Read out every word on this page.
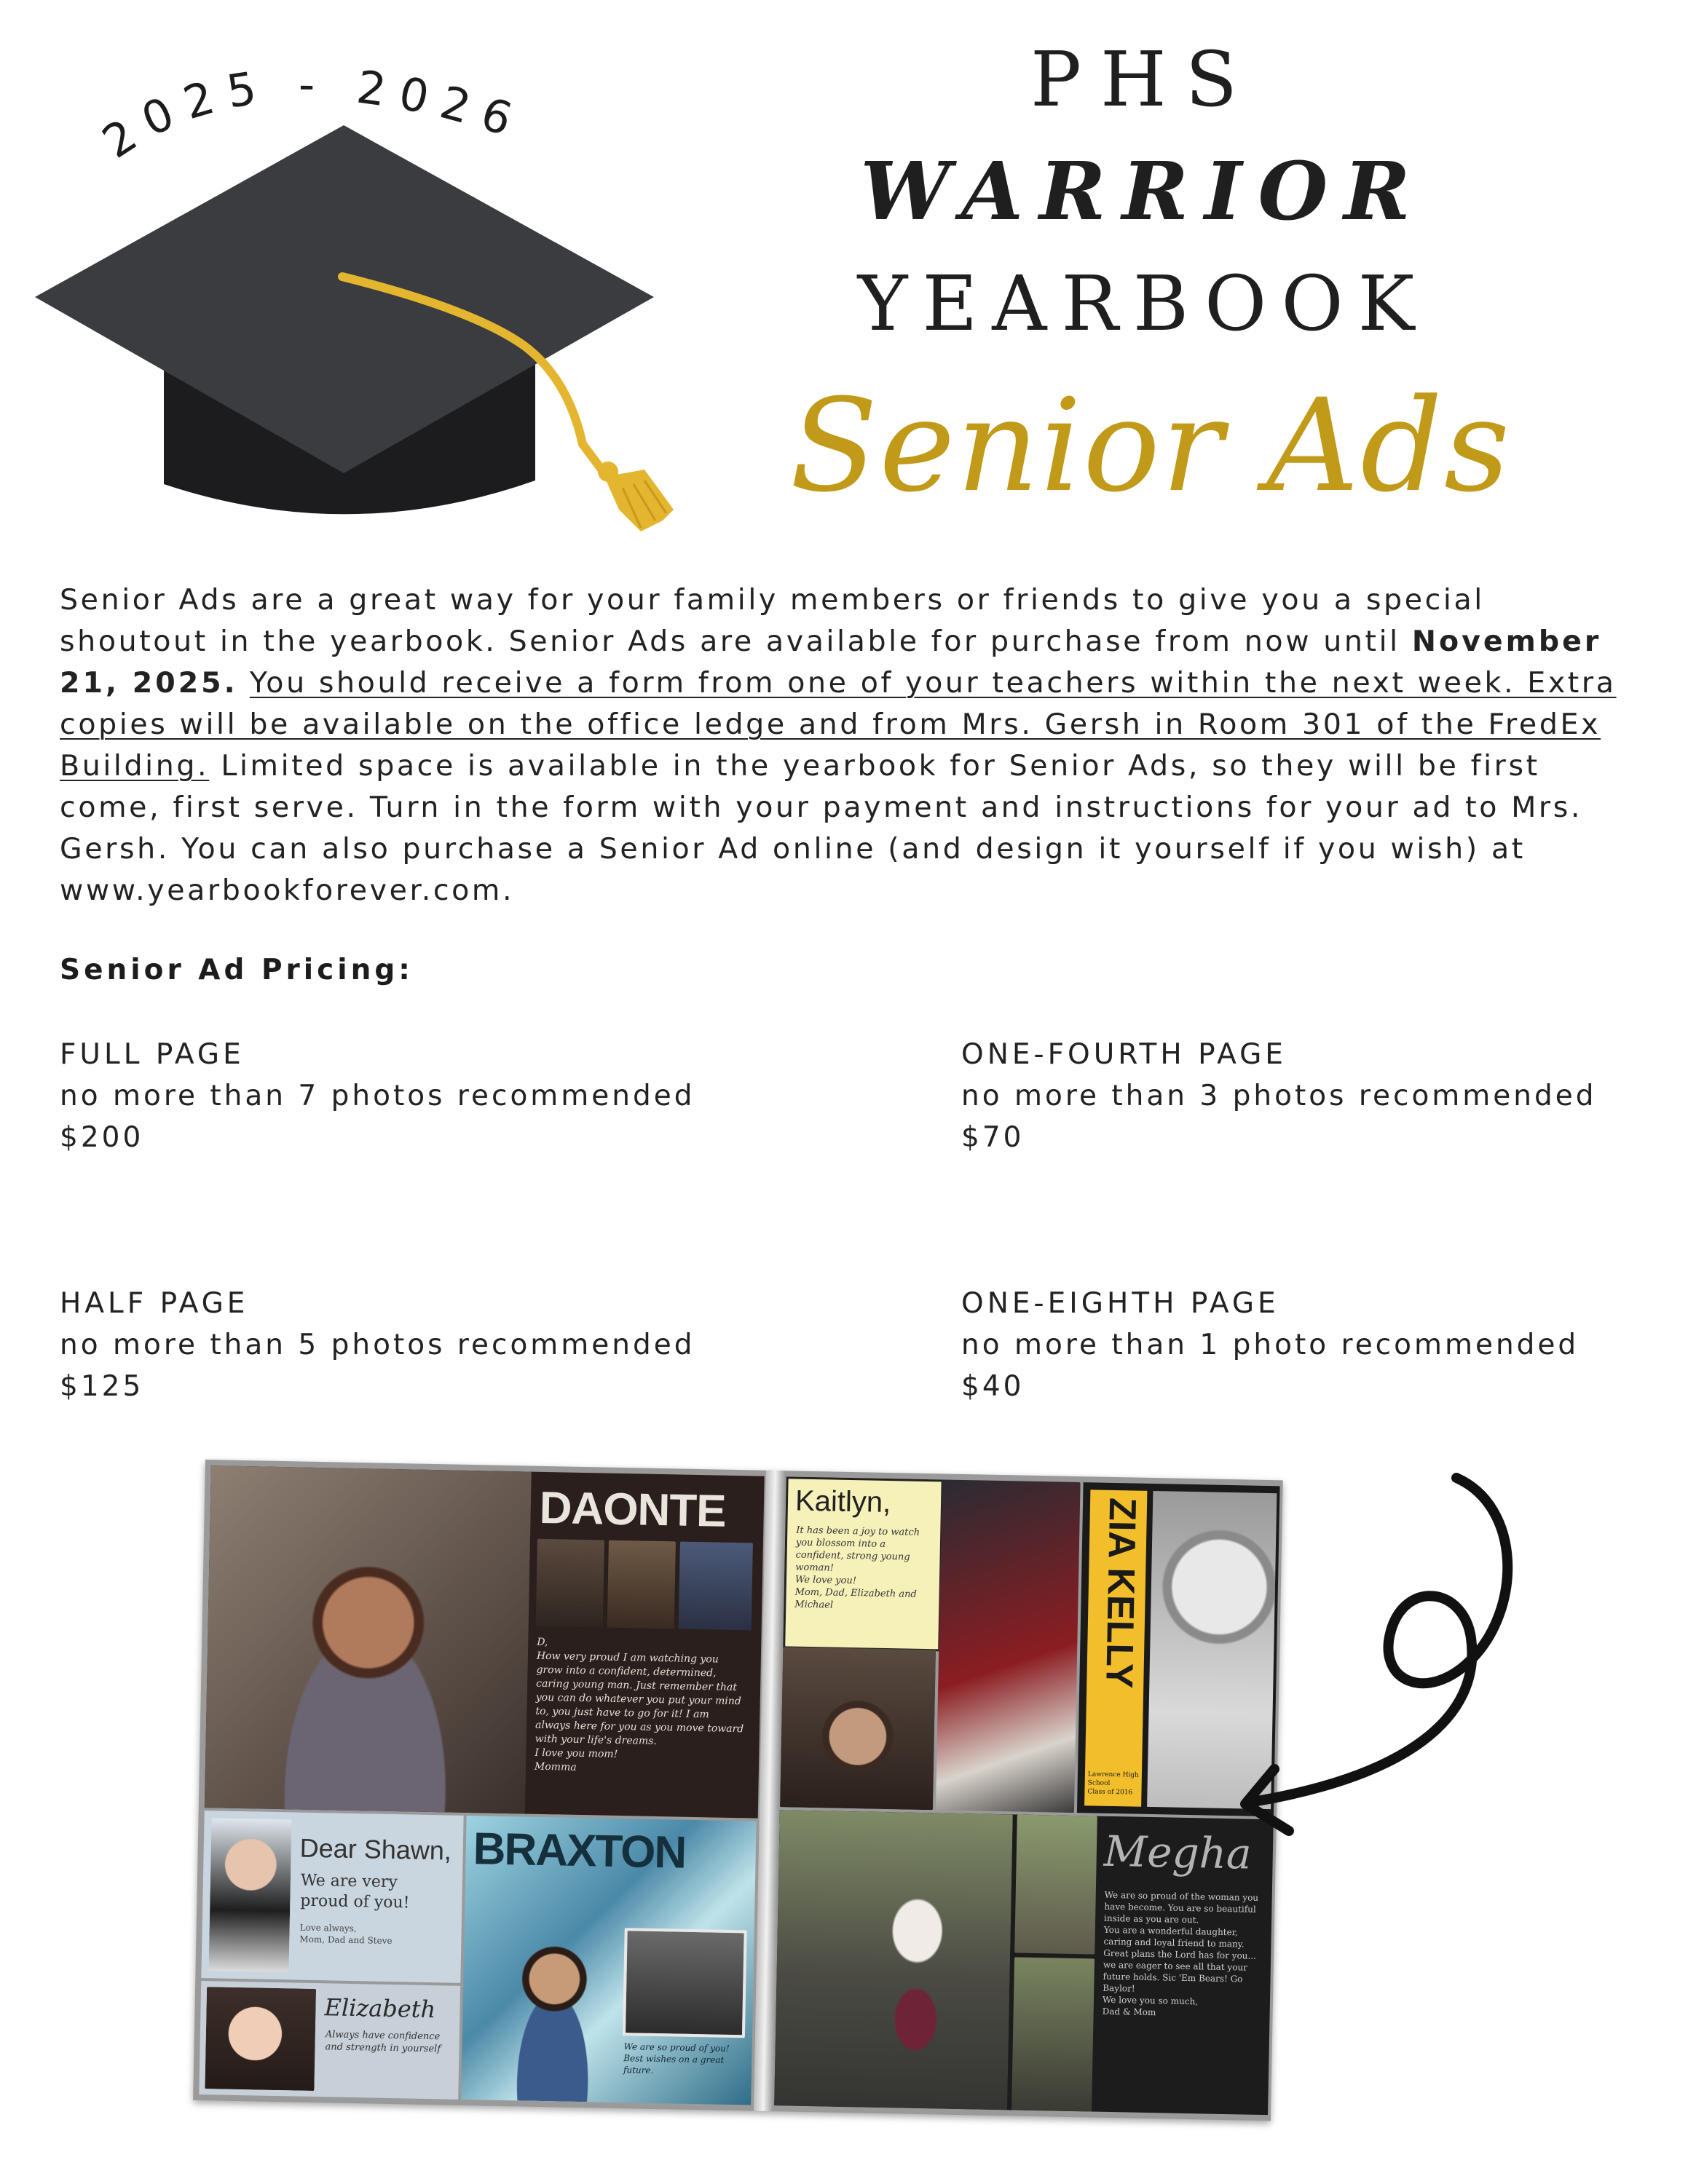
2025 - 2026	PHS
WARRIOR
YEARBOOK
Senior Ads

Senior Ads are a great way for your family members or friends to give you a special shoutout in the yearbook. Senior Ads are available for purchase from now until November 21, 2025. You should receive a form from one of your teachers within the next week. Extra copies will be available on the office ledge and from Mrs. Gersh in Room 301 of the FredEx Building. Limited space is available in the yearbook for Senior Ads, so they will be first come, first serve. Turn in the form with your payment and instructions for your ad to Mrs. Gersh. You can also purchase a Senior Ad online (and design it yourself if you wish) at www.yearbookforever.com.

Senior Ad Pricing:
FULL PAGE
no more than 7 photos recommended
$200
ONE-FOURTH PAGE
no more than 3 photos recommended
$70
HALF PAGE
no more than 5 photos recommended
$125
ONE-EIGHTH PAGE
no more than 1 photo recommended
$40
DAONTE
D,
How very proud I am watching you grow into a confident, determined, caring young man. Just remember that you can do whatever you put your mind to, you just have to go for it! I am always here for you as you move toward with your life's dreams.
I love you mom!
Momma
Kaitlyn,
It has been a joy to watch you blossom into a confident, strong young woman!
We love you!
Mom, Dad, Elizabeth and Michael	ZIA KELLY
Lawrence High School
Class of 2016
Dear Shawn,
We are very proud of you!
Love always,
Mom, Dad and Steve
BRAXTON
We are so proud of you! Best wishes on a great future.
Elizabeth
Always have confidence and strength in yourself
Megha
We are so proud of the woman you have become. You are so beautiful inside as you are out.
You are a wonderful daughter, caring and loyal friend to many.
Great plans the Lord has for you... we are eager to see all that your future holds. Sic 'Em Bears! Go Baylor!
We love you so much,
Dad & Mom
